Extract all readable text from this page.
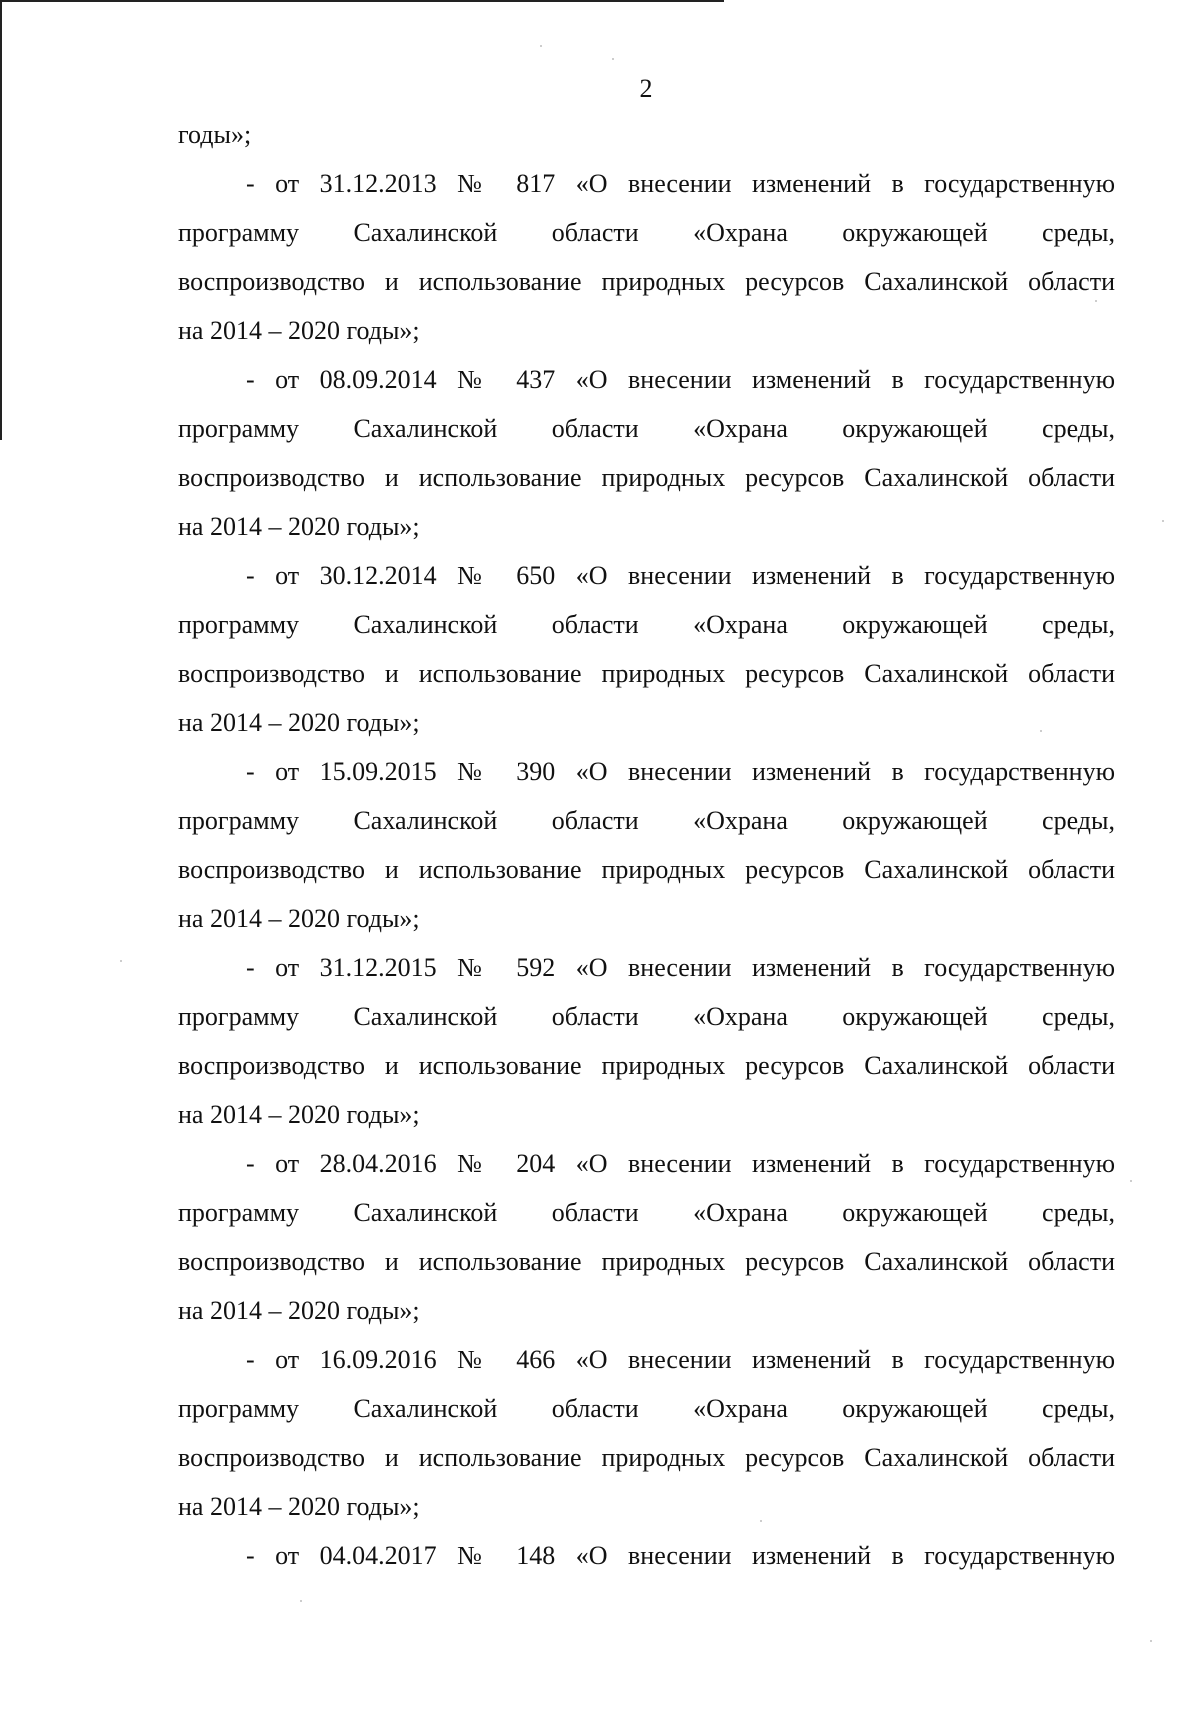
2
годы»;
- от 31.12.2013 № 817 «О внесении изменений в государственную
программу Сахалинской области «Охрана окружающей среды,
воспроизводство и использование природных ресурсов Сахалинской области
на 2014 – 2020 годы»;
- от 08.09.2014 № 437 «О внесении изменений в государственную
программу Сахалинской области «Охрана окружающей среды,
воспроизводство и использование природных ресурсов Сахалинской области
на 2014 – 2020 годы»;
- от 30.12.2014 № 650 «О внесении изменений в государственную
программу Сахалинской области «Охрана окружающей среды,
воспроизводство и использование природных ресурсов Сахалинской области
на 2014 – 2020 годы»;
- от 15.09.2015 № 390 «О внесении изменений в государственную
программу Сахалинской области «Охрана окружающей среды,
воспроизводство и использование природных ресурсов Сахалинской области
на 2014 – 2020 годы»;
- от 31.12.2015 № 592 «О внесении изменений в государственную
программу Сахалинской области «Охрана окружающей среды,
воспроизводство и использование природных ресурсов Сахалинской области
на 2014 – 2020 годы»;
- от 28.04.2016 № 204 «О внесении изменений в государственную
программу Сахалинской области «Охрана окружающей среды,
воспроизводство и использование природных ресурсов Сахалинской области
на 2014 – 2020 годы»;
- от 16.09.2016 № 466 «О внесении изменений в государственную
программу Сахалинской области «Охрана окружающей среды,
воспроизводство и использование природных ресурсов Сахалинской области
на 2014 – 2020 годы»;
- от 04.04.2017 № 148 «О внесении изменений в государственную
